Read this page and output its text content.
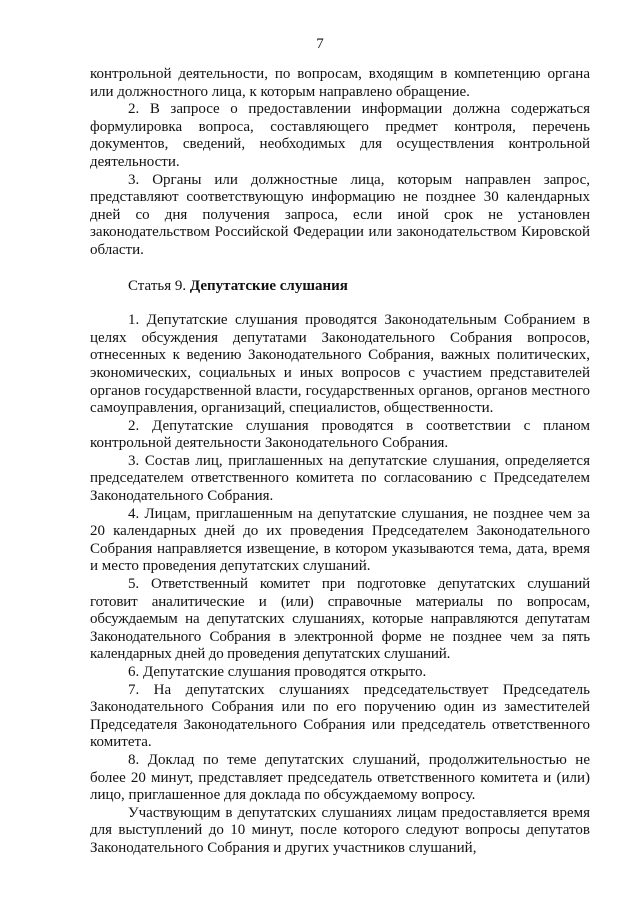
7

контрольной деятельности, по вопросам, входящим в компетенцию органа или должностного лица, к которым направлено обращение.

2. В запросе о предоставлении информации должна содержаться формулировка вопроса, составляющего предмет контроля, перечень документов, сведений, необходимых для осуществления контрольной деятельности.

3. Органы или должностные лица, которым направлен запрос, представляют соответствующую информацию не позднее 30 календарных дней со дня получения запроса, если иной срок не установлен законодательством Российской Федерации или законодательством Кировской области.

Статья 9. Депутатские слушания

1. Депутатские слушания проводятся Законодательным Собранием в целях обсуждения депутатами Законодательного Собрания вопросов, отнесенных к ведению Законодательного Собрания, важных политических, экономических, социальных и иных вопросов с участием представителей органов государственной власти, государственных органов, органов местного самоуправления, организаций, специалистов, общественности.

2. Депутатские слушания проводятся в соответствии с планом контрольной деятельности Законодательного Собрания.

3. Состав лиц, приглашенных на депутатские слушания, определяется председателем ответственного комитета по согласованию с Председателем Законодательного Собрания.

4. Лицам, приглашенным на депутатские слушания, не позднее чем за 20 календарных дней до их проведения Председателем Законодательного Собрания направляется извещение, в котором указываются тема, дата, время и место проведения депутатских слушаний.

5. Ответственный комитет при подготовке депутатских слушаний готовит аналитические и (или) справочные материалы по вопросам, обсуждаемым на депутатских слушаниях, которые направляются депутатам Законодательного Собрания в электронной форме не позднее чем за пять календарных дней до проведения депутатских слушаний.

6. Депутатские слушания проводятся открыто.

7. На депутатских слушаниях председательствует Председатель Законодательного Собрания или по его поручению один из заместителей Председателя Законодательного Собрания или председатель ответственного комитета.

8. Доклад по теме депутатских слушаний, продолжительностью не более 20 минут, представляет председатель ответственного комитета и (или) лицо, приглашенное для доклада по обсуждаемому вопросу.

Участвующим в депутатских слушаниях лицам предоставляется время для выступлений до 10 минут, после которого следуют вопросы депутатов Законодательного Собрания и других участников слушаний,
